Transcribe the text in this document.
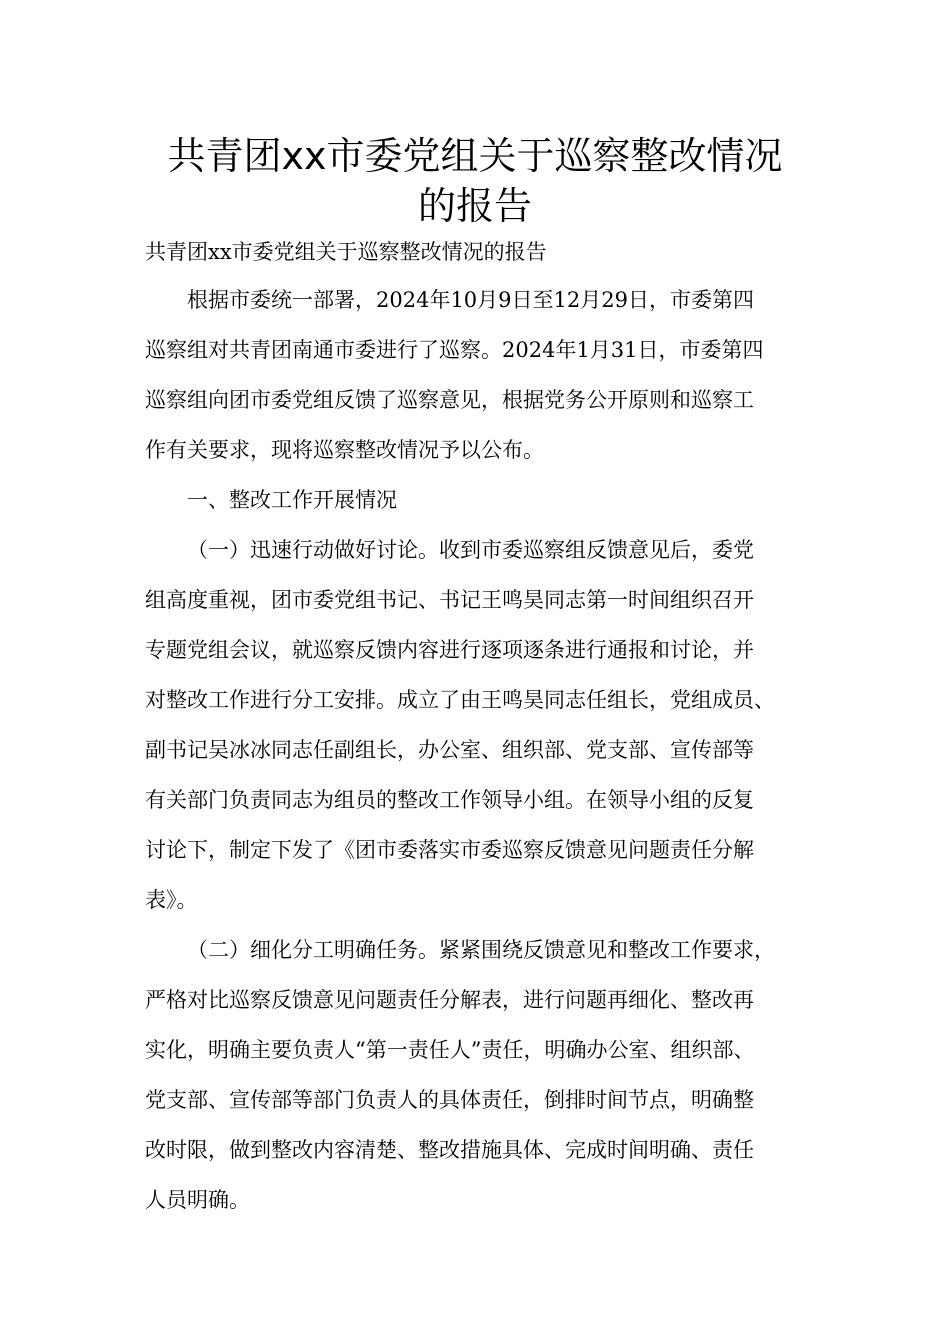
共青团xx市委党组关于巡察整改情况
的报告

共青团xx市委党组关于巡察整改情况的报告

根据市委统一部署，2024年10月9日至12月29日，市委第四

巡察组对共青团南通市委进行了巡察。2024年1月31日，市委第四

巡察组向团市委党组反馈了巡察意见，根据党务公开原则和巡察工

作有关要求，现将巡察整改情况予以公布。

一、整改工作开展情况

（一）迅速行动做好讨论。收到市委巡察组反馈意见后，委党

组高度重视，团市委党组书记、书记王鸣昊同志第一时间组织召开

专题党组会议，就巡察反馈内容进行逐项逐条进行通报和讨论，并

对整改工作进行分工安排。成立了由王鸣昊同志任组长，党组成员、

副书记吴冰冰同志任副组长，办公室、组织部、党支部、宣传部等

有关部门负责同志为组员的整改工作领导小组。在领导小组的反复

讨论下，制定下发了《团市委落实市委巡察反馈意见问题责任分解

表》。

（二）细化分工明确任务。紧紧围绕反馈意见和整改工作要求，

严格对比巡察反馈意见问题责任分解表，进行问题再细化、整改再

实化，明确主要负责人“第一责任人”责任，明确办公室、组织部、

党支部、宣传部等部门负责人的具体责任，倒排时间节点，明确整

改时限，做到整改内容清楚、整改措施具体、完成时间明确、责任

人员明确。
